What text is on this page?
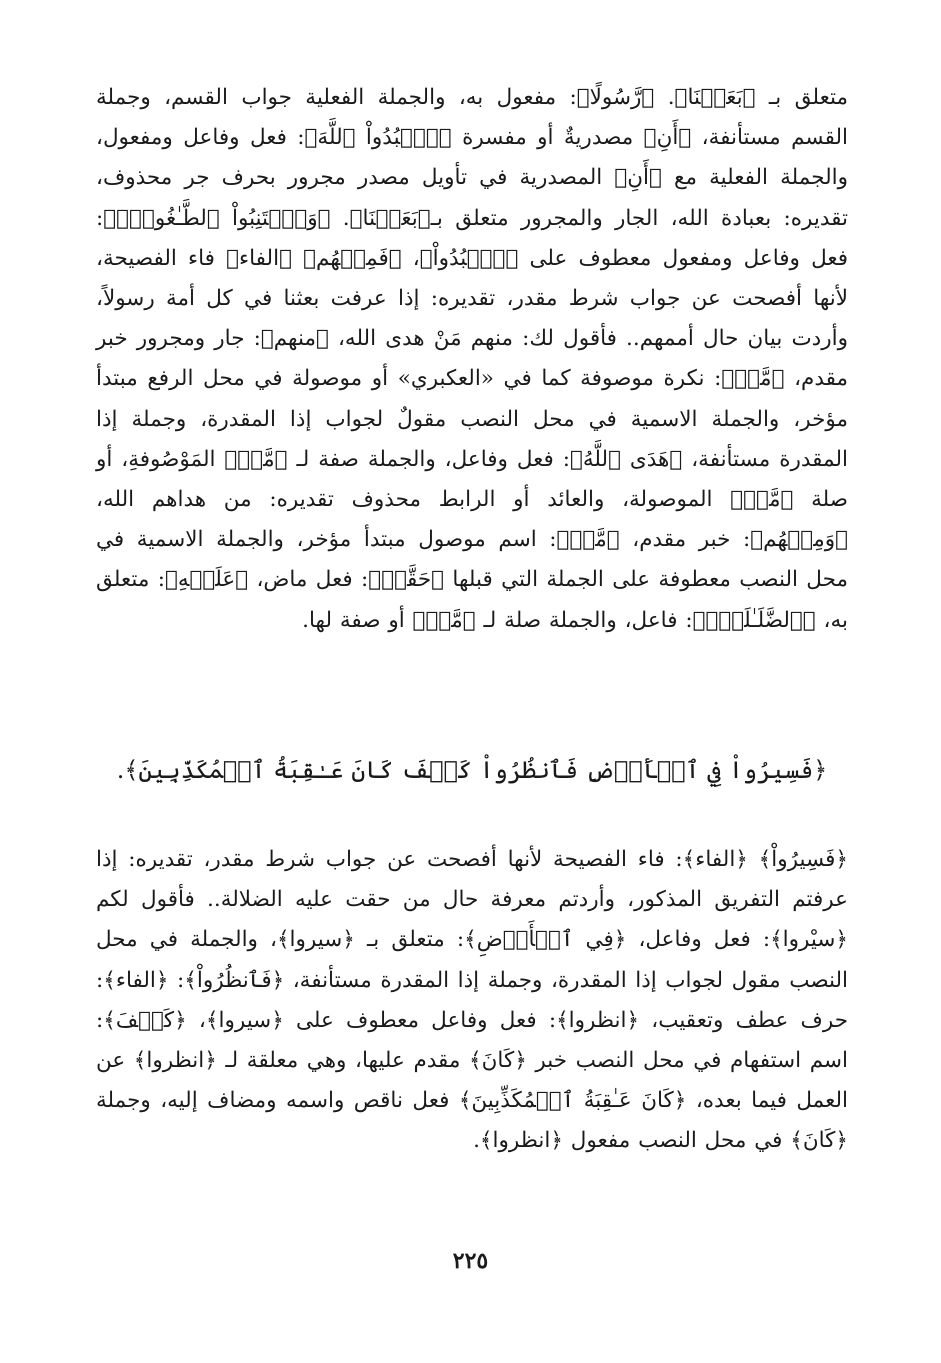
متعلق بـ ﴿بَعَثۡنَا﴾. ﴿رَّسُولًا﴾: مفعول به، والجملة الفعلية جواب القسم، وجملة القسم مستأنفة، ﴿أَنِ﴾ مصدريةٌ أو مفسرة ﴿ٱعۡبُدُواْ ٱللَّهَ﴾: فعل وفاعل ومفعول، والجملة الفعلية مع ﴿أَنِ﴾ المصدرية في تأويل مصدر مجرور بحرف جر محذوف، تقديره: بعبادة الله، الجار والمجرور متعلق بـ﴿بَعَثۡنَا﴾. ﴿وَٱجۡتَنِبُواْ ٱلطَّـٰغُوتَۖ﴾: فعل وفاعل ومفعول معطوف على ﴿ٱعۡبُدُواْ﴾، ﴿فَمِنۡهُم﴾ ﴿الفاء﴾ فاء الفصيحة، لأنها أفصحت عن جواب شرط مقدر، تقديره: إذا عرفت بعثنا في كل أمة رسولاً، وأردت بيان حال أممهم.. فأقول لك: منهم مَنْ هدى الله، ﴿منهم﴾: جار ومجرور خبر مقدم، ﴿مَّنۡ﴾: نكرة موصوفة كما في «العكبري» أو موصولة في محل الرفع مبتدأ مؤخر، والجملة الاسمية في محل النصب مقولٌ لجواب إذا المقدرة، وجملة إذا المقدرة مستأنفة، ﴿هَدَى ٱللَّهُ﴾: فعل وفاعل، والجملة صفة لـ ﴿مَّنۡ﴾ المَوْصُوفةِ، أو صلة ﴿مَّنۡ﴾ الموصولة، والعائد أو الرابط محذوف تقديره: من هداهم الله، ﴿وَمِنۡهُم﴾: خبر مقدم، ﴿مَّنۡ﴾: اسم موصول مبتدأ مؤخر، والجملة الاسمية في محل النصب معطوفة على الجملة التي قبلها ﴿حَقَّتۡ﴾: فعل ماض، ﴿عَلَيۡهِ﴾: متعلق به، ﴿ٱلضَّلَـٰلَةُۚ﴾: فاعل، والجملة صلة لـ ﴿مَّنۡ﴾ أو صفة لها.

﴿فَسِيرُواْ فِي ٱلۡأَرۡضِ فَٱنظُرُواْ كَيۡفَ كَانَ عَـٰقِبَةُ ٱلۡمُكَذِّبِينَ﴾.

﴿فَسِيرُواْ﴾ ﴿الفاء﴾: فاء الفصيحة لأنها أفصحت عن جواب شرط مقدر، تقديره: إذا عرفتم التفريق المذكور، وأردتم معرفة حال من حقت عليه الضلالة.. فأقول لكم ﴿سيْروا﴾: فعل وفاعل، ﴿فِي ٱلۡأَرۡضِ﴾: متعلق بـ ﴿سيروا﴾، والجملة في محل النصب مقول لجواب إذا المقدرة، وجملة إذا المقدرة مستأنفة، ﴿فَٱنظُرُواْ﴾: ﴿الفاء﴾: حرف عطف وتعقيب، ﴿انظروا﴾: فعل وفاعل معطوف على ﴿سيروا﴾، ﴿كَيۡفَ﴾: اسم استفهام في محل النصب خبر ﴿كَانَ﴾ مقدم عليها، وهي معلقة لـ ﴿انظروا﴾ عن العمل فيما بعده، ﴿كَانَ عَـٰقِبَةُ ٱلۡمُكَذِّبِينَ﴾ فعل ناقص واسمه ومضاف إليه، وجملة ﴿كَانَ﴾ في محل النصب مفعول ﴿انظروا﴾.

٢٢٥
